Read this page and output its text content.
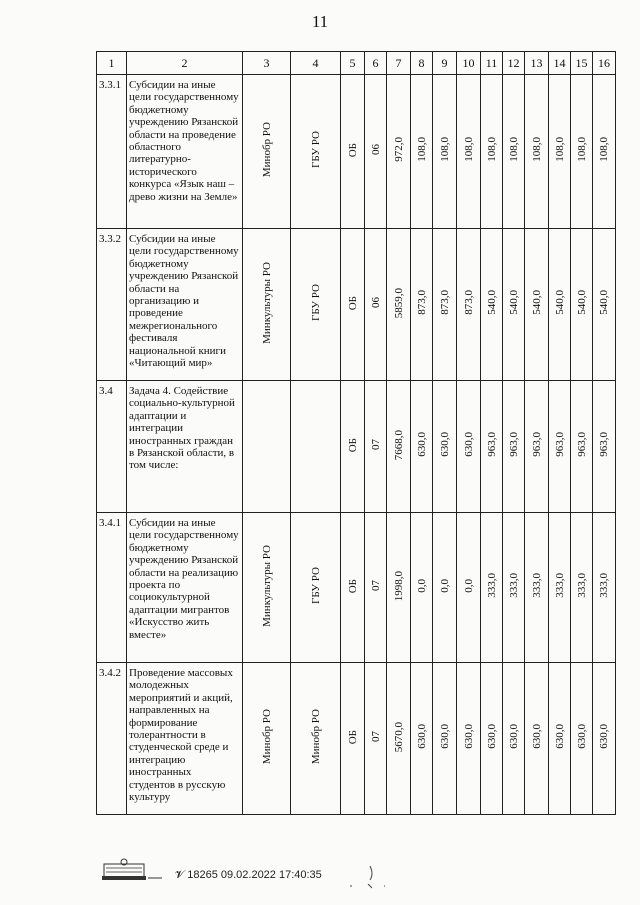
11
1	2	3	4	5	6	7	8	9	10	11	12	13	14	15	16
3.3.1	Субсидии на иные цели государственному бюджетному учреждению Рязанской области на проведение областного литературно-исторического конкурса «Язык наш – древо жизни на Земле»	Минобр РО	ГБУ РО	ОБ	06	972,0	108,0	108,0	108,0	108,0	108,0	108,0	108,0	108,0	108,0
3.3.2	Субсидии на иные цели государственному бюджетному учреждению Рязанской области на организацию и проведение межрегионального фестиваля национальной книги «Читающий мир»	Минкультуры РО	ГБУ РО	ОБ	06	5859,0	873,0	873,0	873,0	540,0	540,0	540,0	540,0	540,0	540,0
3.4	Задача 4. Содействие социально-культурной адаптации и интеграции иностранных граждан в Рязанской области, в том числе:			ОБ	07	7668,0	630,0	630,0	630,0	963,0	963,0	963,0	963,0	963,0	963,0
3.4.1	Субсидии на иные цели государственному бюджетному учреждению Рязанской области на реализацию проекта по социокультурной адаптации мигрантов «Искусство жить вместе»	Минкультуры РО	ГБУ РО	ОБ	07	1998,0	0,0	0,0	0,0	333,0	333,0	333,0	333,0	333,0	333,0
3.4.2	Проведение массовых молодежных мероприятий и акций, направленных на формирование толерантности в студенческой среде и интеграцию иностранных студентов в русскую культуру	Минобр РО	Минобр РО	ОБ	07	5670,0	630,0	630,0	630,0	630,0	630,0	630,0	630,0	630,0	630,0
𝓥 18265 09.02.2022 17:40:35
